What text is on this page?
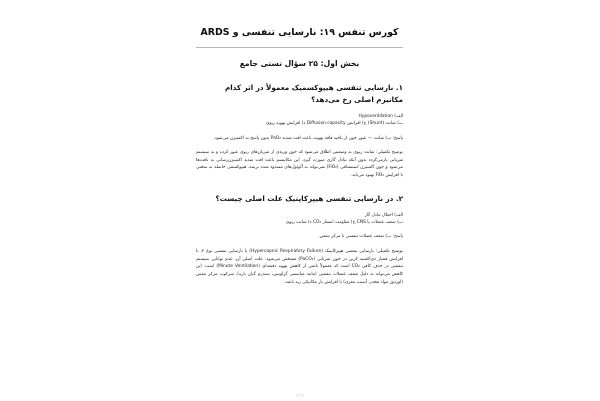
کورس تنفس ۱۹: نارسایی تنفسی و ARDS
بخش اول: ۲۵ سؤال تستی جامع

۱. نارسایی تنفسی هیپوکسمیک معمولاً در اثر کدام مکانیزم اصلی رخ می‌دهد؟

الف) Hypoventilation

ب) شانت (Shunt) ج) افزایش Diffusion capacity د) افزایش تهویه ریوی

پاسخ: ب) شانت — عبور خون از ناحیه فاقد تهویه، باعث افت شدید PaO₂ بدون پاسخ به اکسیژن می‌شود.

توضیح تکمیلی: شانت ریوی به وضعیتی اطلاق می‌شود که خون وریدی از شریان‌های ریوی عبور کرده و به سیستم شریانی بازمی‌گردد بدون آنکه تبادل گازی صورت گیرد. این مکانیسم باعث افت شدید اکسیژن‌رسانی به بافت‌ها می‌شود و چون اکسیژن استنشاقی (FiO₂) نمی‌تواند به آلوئول‌های مسدود شده برسد، هیپوکسمی حاصله به سختی با افزایش FiO₂ بهبود می‌یابد.

۲. در نارسایی تنفسی هیپرکاپنیک علت اصلی چیست؟

الف) اختلال تبادل گاز

ب) ضعف عضلات یا CNS ج) مقاومت انتشار CO₂ د) شانت ریوی

پاسخ: ب) ضعف عضلات تنفسی یا مرکز تنفس.

توضیح تکمیلی: نارسایی تنفسی هیپرکاپنیک (Hypercapnic Respiratory Failure) یا نارسایی تنفسی نوع ۲، با افزایش فشار دی‌اکسید کربن در خون شریانی (PaCO₂) مشخص می‌شود. علت اصلی آن، عدم توانایی سیستم تنفسی در حذف کافی CO₂ است که معمولاً ناشی از کاهش تهویه دقیقه‌ای (Minute Ventilation) است. این کاهش می‌تواند به دلیل ضعف عضلات تنفسی (مانند میاستنی گراویس، سندرم گیان باره)، سرکوب مرکز تنفس (اوردوز مواد مخدر، آسیب مغزی) یا افزایش بار مکانیکی ریه باشد.

۱۲/۱
